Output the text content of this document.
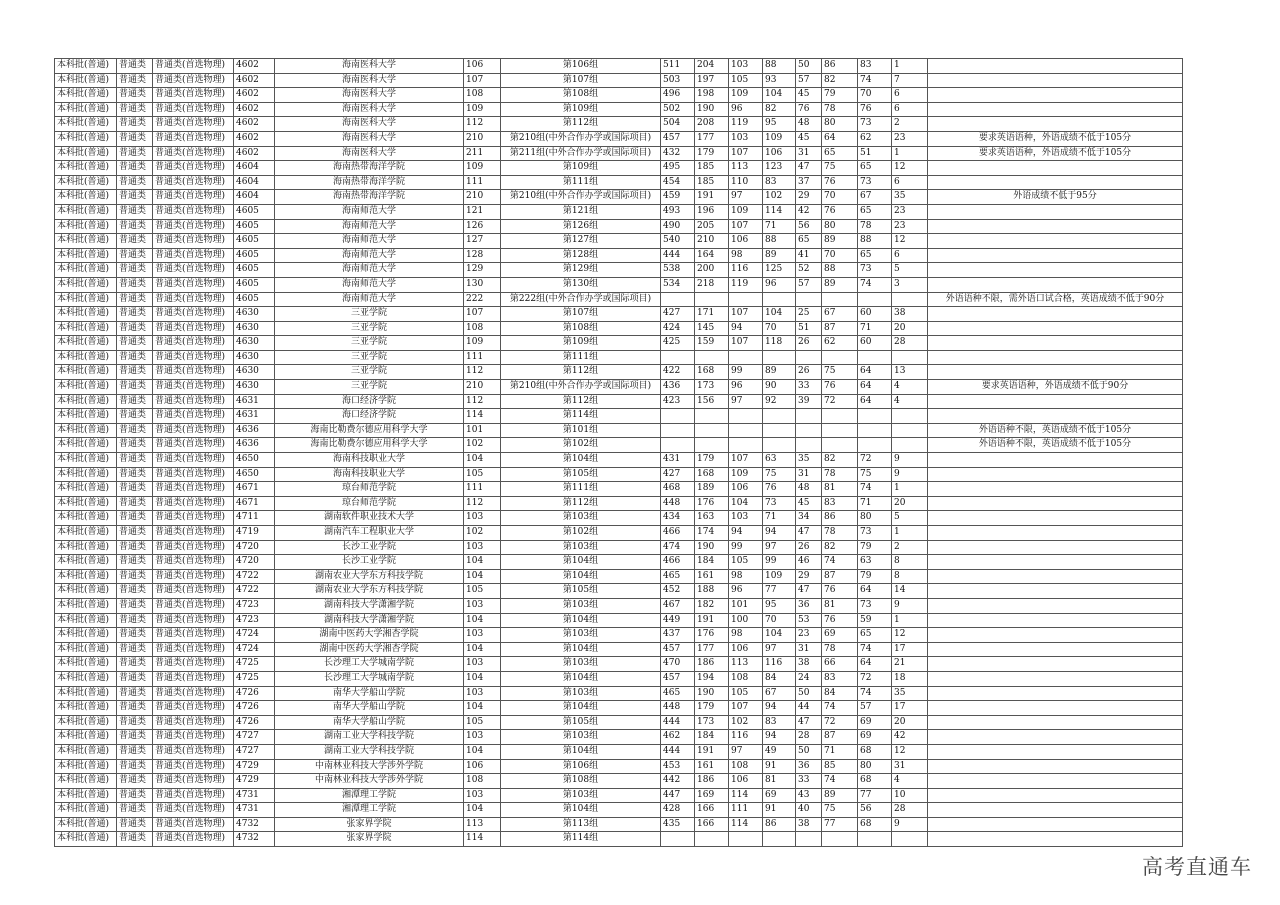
本科批(普通)	普通类	普通类(首选物理)	4602	海南医科大学	106	第106组	511	204	103	88	50	86	83	1	
本科批(普通)	普通类	普通类(首选物理)	4602	海南医科大学	107	第107组	503	197	105	93	57	82	74	7	
本科批(普通)	普通类	普通类(首选物理)	4602	海南医科大学	108	第108组	496	198	109	104	45	79	70	6	
本科批(普通)	普通类	普通类(首选物理)	4602	海南医科大学	109	第109组	502	190	96	82	76	78	76	6	
本科批(普通)	普通类	普通类(首选物理)	4602	海南医科大学	112	第112组	504	208	119	95	48	80	73	2	
本科批(普通)	普通类	普通类(首选物理)	4602	海南医科大学	210	第210组(中外合作办学或国际项目)	457	177	103	109	45	64	62	23	要求英语语种，外语成绩不低于105分
本科批(普通)	普通类	普通类(首选物理)	4602	海南医科大学	211	第211组(中外合作办学或国际项目)	432	179	107	106	31	65	51	1	要求英语语种，外语成绩不低于105分
本科批(普通)	普通类	普通类(首选物理)	4604	海南热带海洋学院	109	第109组	495	185	113	123	47	75	65	12	
本科批(普通)	普通类	普通类(首选物理)	4604	海南热带海洋学院	111	第111组	454	185	110	83	37	76	73	6	
本科批(普通)	普通类	普通类(首选物理)	4604	海南热带海洋学院	210	第210组(中外合作办学或国际项目)	459	191	97	102	29	70	67	35	外语成绩不低于95分
本科批(普通)	普通类	普通类(首选物理)	4605	海南师范大学	121	第121组	493	196	109	114	42	76	65	23	
本科批(普通)	普通类	普通类(首选物理)	4605	海南师范大学	126	第126组	490	205	107	71	56	80	78	23	
本科批(普通)	普通类	普通类(首选物理)	4605	海南师范大学	127	第127组	540	210	106	88	65	89	88	12	
本科批(普通)	普通类	普通类(首选物理)	4605	海南师范大学	128	第128组	444	164	98	89	41	70	65	6	
本科批(普通)	普通类	普通类(首选物理)	4605	海南师范大学	129	第129组	538	200	116	125	52	88	73	5	
本科批(普通)	普通类	普通类(首选物理)	4605	海南师范大学	130	第130组	534	218	119	96	57	89	74	3	
本科批(普通)	普通类	普通类(首选物理)	4605	海南师范大学	222	第222组(中外合作办学或国际项目)									外语语种不限，需外语口试合格，英语成绩不低于90分
本科批(普通)	普通类	普通类(首选物理)	4630	三亚学院	107	第107组	427	171	107	104	25	67	60	38	
本科批(普通)	普通类	普通类(首选物理)	4630	三亚学院	108	第108组	424	145	94	70	51	87	71	20	
本科批(普通)	普通类	普通类(首选物理)	4630	三亚学院	109	第109组	425	159	107	118	26	62	60	28	
本科批(普通)	普通类	普通类(首选物理)	4630	三亚学院	111	第111组									
本科批(普通)	普通类	普通类(首选物理)	4630	三亚学院	112	第112组	422	168	99	89	26	75	64	13	
本科批(普通)	普通类	普通类(首选物理)	4630	三亚学院	210	第210组(中外合作办学或国际项目)	436	173	96	90	33	76	64	4	要求英语语种，外语成绩不低于90分
本科批(普通)	普通类	普通类(首选物理)	4631	海口经济学院	112	第112组	423	156	97	92	39	72	64	4	
本科批(普通)	普通类	普通类(首选物理)	4631	海口经济学院	114	第114组									
本科批(普通)	普通类	普通类(首选物理)	4636	海南比勒费尔德应用科学大学	101	第101组									外语语种不限，英语成绩不低于105分
本科批(普通)	普通类	普通类(首选物理)	4636	海南比勒费尔德应用科学大学	102	第102组									外语语种不限，英语成绩不低于105分
本科批(普通)	普通类	普通类(首选物理)	4650	海南科技职业大学	104	第104组	431	179	107	63	35	82	72	9	
本科批(普通)	普通类	普通类(首选物理)	4650	海南科技职业大学	105	第105组	427	168	109	75	31	78	75	9	
本科批(普通)	普通类	普通类(首选物理)	4671	琼台师范学院	111	第111组	468	189	106	76	48	81	74	1	
本科批(普通)	普通类	普通类(首选物理)	4671	琼台师范学院	112	第112组	448	176	104	73	45	83	71	20	
本科批(普通)	普通类	普通类(首选物理)	4711	湖南软件职业技术大学	103	第103组	434	163	103	71	34	86	80	5	
本科批(普通)	普通类	普通类(首选物理)	4719	湖南汽车工程职业大学	102	第102组	466	174	94	94	47	78	73	1	
本科批(普通)	普通类	普通类(首选物理)	4720	长沙工业学院	103	第103组	474	190	99	97	26	82	79	2	
本科批(普通)	普通类	普通类(首选物理)	4720	长沙工业学院	104	第104组	466	184	105	99	46	74	63	8	
本科批(普通)	普通类	普通类(首选物理)	4722	湖南农业大学东方科技学院	104	第104组	465	161	98	109	29	87	79	8	
本科批(普通)	普通类	普通类(首选物理)	4722	湖南农业大学东方科技学院	105	第105组	452	188	96	77	47	76	64	14	
本科批(普通)	普通类	普通类(首选物理)	4723	湖南科技大学潇湘学院	103	第103组	467	182	101	95	36	81	73	9	
本科批(普通)	普通类	普通类(首选物理)	4723	湖南科技大学潇湘学院	104	第104组	449	191	100	70	53	76	59	1	
本科批(普通)	普通类	普通类(首选物理)	4724	湖南中医药大学湘杏学院	103	第103组	437	176	98	104	23	69	65	12	
本科批(普通)	普通类	普通类(首选物理)	4724	湖南中医药大学湘杏学院	104	第104组	457	177	106	97	31	78	74	17	
本科批(普通)	普通类	普通类(首选物理)	4725	长沙理工大学城南学院	103	第103组	470	186	113	116	38	66	64	21	
本科批(普通)	普通类	普通类(首选物理)	4725	长沙理工大学城南学院	104	第104组	457	194	108	84	24	83	72	18	
本科批(普通)	普通类	普通类(首选物理)	4726	南华大学船山学院	103	第103组	465	190	105	67	50	84	74	35	
本科批(普通)	普通类	普通类(首选物理)	4726	南华大学船山学院	104	第104组	448	179	107	94	44	74	57	17	
本科批(普通)	普通类	普通类(首选物理)	4726	南华大学船山学院	105	第105组	444	173	102	83	47	72	69	20	
本科批(普通)	普通类	普通类(首选物理)	4727	湖南工业大学科技学院	103	第103组	462	184	116	94	28	87	69	42	
本科批(普通)	普通类	普通类(首选物理)	4727	湖南工业大学科技学院	104	第104组	444	191	97	49	50	71	68	12	
本科批(普通)	普通类	普通类(首选物理)	4729	中南林业科技大学涉外学院	106	第106组	453	161	108	91	36	85	80	31	
本科批(普通)	普通类	普通类(首选物理)	4729	中南林业科技大学涉外学院	108	第108组	442	186	106	81	33	74	68	4	
本科批(普通)	普通类	普通类(首选物理)	4731	湘潭理工学院	103	第103组	447	169	114	69	43	89	77	10	
本科批(普通)	普通类	普通类(首选物理)	4731	湘潭理工学院	104	第104组	428	166	111	91	40	75	56	28	
本科批(普通)	普通类	普通类(首选物理)	4732	张家界学院	113	第113组	435	166	114	86	38	77	68	9	
本科批(普通)	普通类	普通类(首选物理)	4732	张家界学院	114	第114组									
高考直通车
